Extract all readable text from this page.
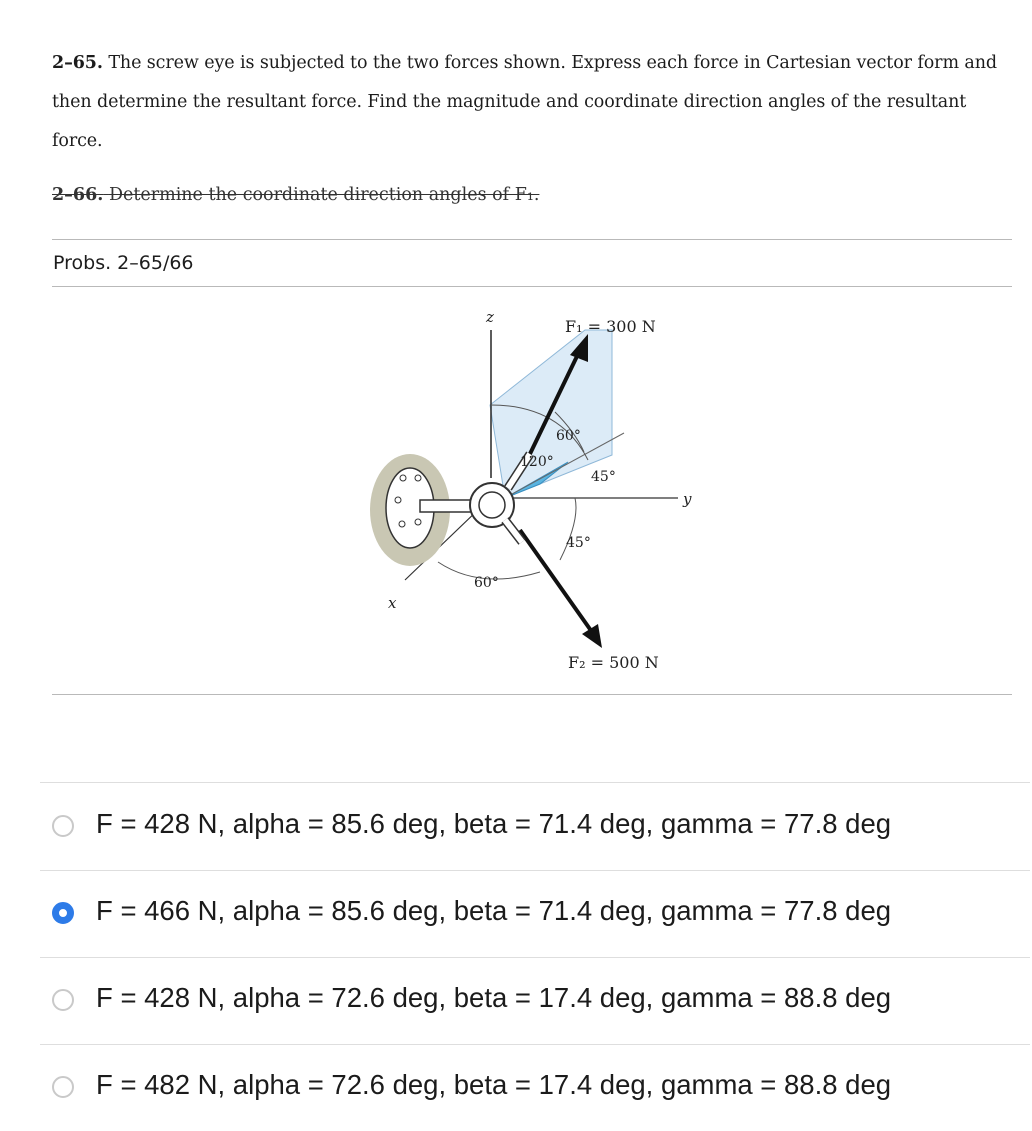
2–65. The screw eye is subjected to the two forces shown. Express each force in Cartesian vector form and then determine the resultant force. Find the magnitude and coordinate direction angles of the resultant force.
2–66. Determine the coordinate direction angles of F₁.
Probs. 2–65/66
z
y
x
F₁ = 300 N
F₂ = 500 N
60°
120°
45°
45°
60°
F = 428 N, alpha = 85.6 deg, beta = 71.4 deg, gamma = 77.8 deg
F = 466 N, alpha = 85.6 deg, beta = 71.4 deg, gamma = 77.8 deg
F = 428 N, alpha = 72.6 deg, beta = 17.4 deg, gamma = 88.8 deg
F = 482 N, alpha = 72.6 deg, beta = 17.4 deg, gamma = 88.8 deg
